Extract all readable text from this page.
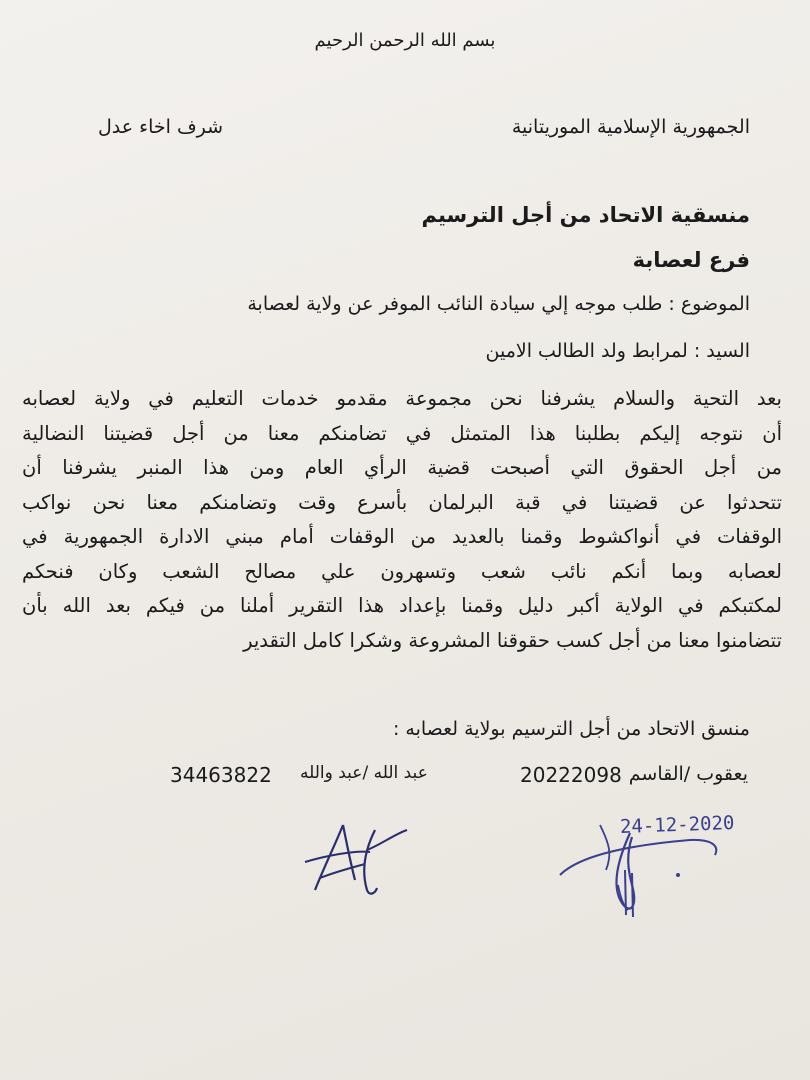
بسم الله الرحمن الرحيم
الجمهورية الإسلامية الموريتانية
شرف اخاء عدل
منسقية الاتحاد من أجل الترسيم
فرع لعصابة
الموضوع : طلب موجه إلي سيادة النائب الموفر عن ولاية لعصابة
السيد : لمرابط ولد الطالب الامين
بعد التحية والسلام يشرفنا نحن مجموعة مقدمو خدمات التعليم في ولاية لعصابه
أن نتوجه إليكم بطلبنا هذا المتمثل في تضامنكم معنا من أجل قضيتنا النضالية
من أجل الحقوق التي أصبحت قضية الرأي العام ومن هذا المنبر يشرفنا أن
تتحدثوا عن قضيتنا في قبة البرلمان بأسرع وقت وتضامنكم معنا نحن نواكب
الوقفات في أنواكشوط وقمنا بالعديد من الوقفات أمام مبني الادارة الجمهورية في
لعصابه وبما أنكم نائب شعب وتسهرون علي مصالح الشعب وكان فنحكم
لمكتبكم في الولاية أكبر دليل وقمنا بإعداد هذا التقرير أملنا من فيكم بعد الله بأن
تتضامنوا معنا من أجل كسب حقوقنا المشروعة وشكرا كامل التقدير
منسق الاتحاد من أجل الترسيم بولاية لعصابه :
يعقوب /القاسم
20222098
عبد الله /عبد والله
34463822
24-12-2020
